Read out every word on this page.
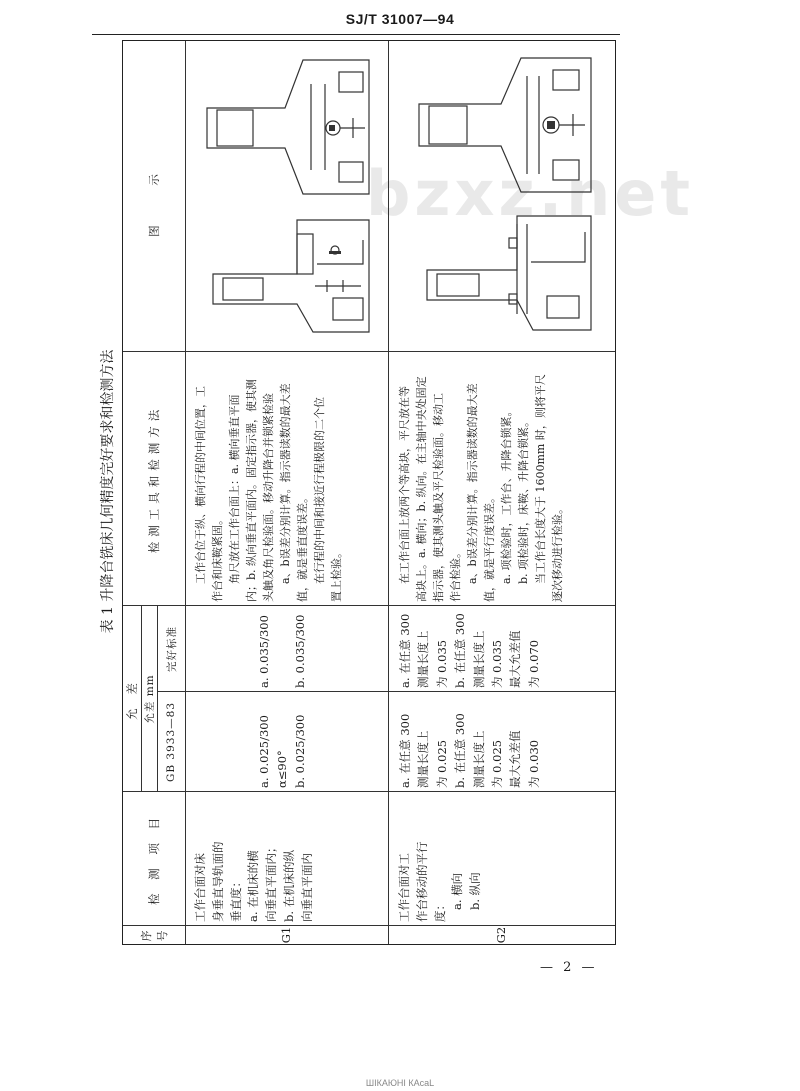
SJ/T 31007—94
bzxz.net
表 1 升降台铣床几何精度完好要求和检测方法
序 号
检 测 项 目
允 差 允差 mm
GB 3933—83
完好标准
检测工具和检测方法
图 示
G1
工作台面对床 身垂直导轨面的 垂直度： a. 在机床的横 向垂直平面内； b. 在机床的纵 向垂直平面内
a. 0.025/300 α≤90° b. 0.025/300
a. 0.035/300 b. 0.035/300
工作台位于纵、横向行程的中间位置，工 作台和床鞍紧固。 角尺放在工作台面上：a. 横向垂直平面 内；b. 纵向垂直平面内。固定指示器，使其测 头触及角尺检验面。移动升降台并锁紧检验 a、b误差分别计算。指示器读数的最大差 值，就是垂直度误差。 在行程的中间和接近行程极限的二个位 置上检验。
G2
工作台面对工 作台移动的平行 度：
a. 横向 b. 纵向
a. 在任意 300 测量长度上 为 0.025 b. 在任意 300 测量长度上 为 0.025 最大允差值 为 0.030
a. 在任意 300 测量长度上 为 0.035 b. 在任意 300 测量长度上 为 0.035 最大允差值 为 0.070
在工作台面上放两个等高块，平尺放在等 高块上。a. 横向；b. 纵向。在主轴中央处固定 指示器，使其测头触及平尺检验面。移动工 作台检验。 a、b误差分别计算。指示器读数的最大差 值，就是平行度误差。 a. 项检验时，工作台、升降台锁紧。 b. 项检验时，床鞍、升降台锁紧。 当工作台长度大于 1600mm 时，则将平尺 逐次移动进行检验。
— 2 —
ШIКАЮНI КАсаL
